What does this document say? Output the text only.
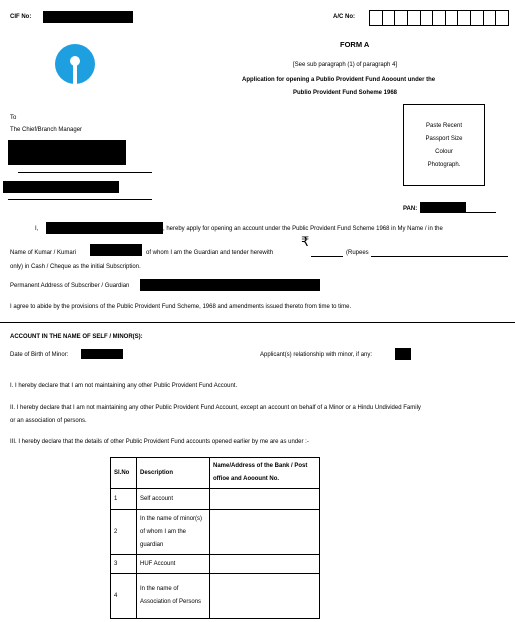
CIF No:	A/C No:
FORM A
[See sub paragraph (1) of paragraph 4]
Application for opening a Publio Provident Fund Aooount under the
Publio Provident Fund Soheme 1968
Paste Recent
Passport Size
Colour
Photograph.
To
The Chief/Branch Manager
PAN:
I,	, hereby apply for opening an account under the Public Provident Fund Scheme 1968 in My Name / in the
Name of Kumar / Kumari	of whom I am the Guardian and tender herewith
₹
(Rupees
only) in Cash / Cheque as the initial Subscription.
Permanent Address of Subscriber / Guardian
I agree to abide by the provisions of the Public Provident Fund Scheme, 1968 and amendments issued thereto from time to time.
ACCOUNT IN THE NAME OF SELF / MINOR(S):
Date of Birth of Minor:	Applicant(s) relationship with minor, if any:
I. I hereby declare that I am not maintaining any other Public Provident Fund Account.
II. I hereby declare that I am not maintaining any other Public Provident Fund Account, except an account on behalf of a Minor or a Hindu Undivided Family
or an association of persons.
III. I hereby declare that the details of other Public Provident Fund accounts opened earlier by me are as under :-
Sl.No	Description	Name/Address of the Bank / Post offioe and Aooount No.
1	Self account	
2	In the name of minor(s) of whom I am the guardian	
3	HUF Account	
4	In the name of Association of Persons	
